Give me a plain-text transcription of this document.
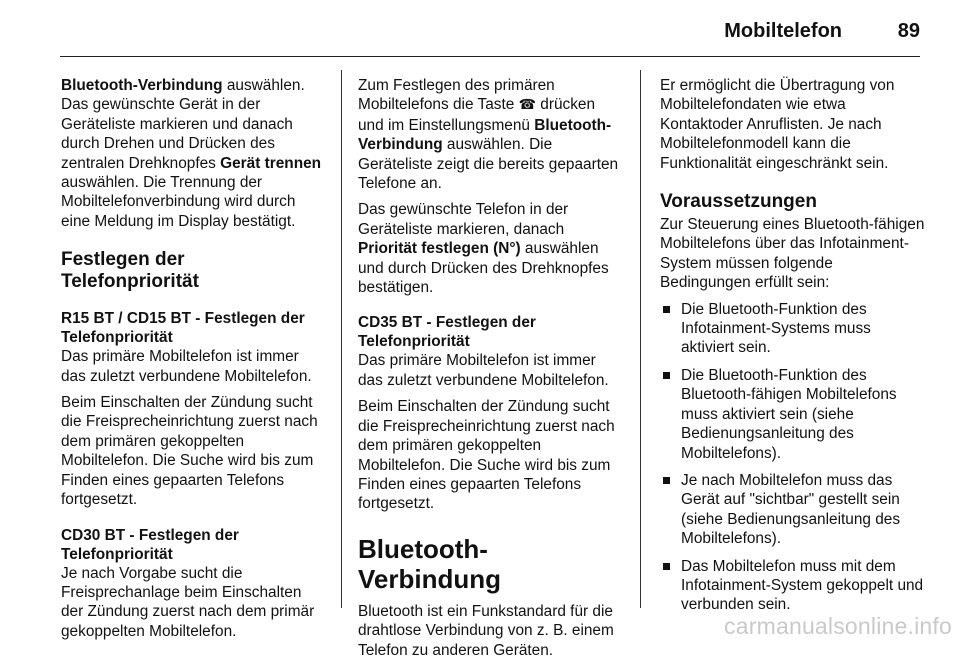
Mobiltelefon	89

Bluetooth-Verbindung auswählen. Das gewünschte Gerät in der Geräteliste markieren und danach durch Drehen und Drücken des zentralen Drehknopfes Gerät trennen auswählen. Die Trennung der Mobiltelefonverbindung wird durch eine Meldung im Display bestätigt.

Festlegen der Telefonpriorität
R15 BT / CD15 BT - Festlegen der Telefonpriorität

Das primäre Mobiltelefon ist immer das zuletzt verbundene Mobiltelefon.

Beim Einschalten der Zündung sucht die Freisprecheinrichtung zuerst nach dem primären gekoppelten Mobiltelefon. Die Suche wird bis zum Finden eines gepaarten Telefons fortgesetzt.

CD30 BT - Festlegen der Telefonpriorität

Je nach Vorgabe sucht die Freisprechanlage beim Einschalten der Zündung zuerst nach dem primär gekoppelten Mobiltelefon.

Zum Festlegen des primären Mobiltelefons die Taste ☎ drücken und im Einstellungsmenü Bluetooth-Verbindung auswählen. Die Geräteliste zeigt die bereits gepaarten Telefone an.

Das gewünschte Telefon in der Geräteliste markieren, danach Priorität festlegen (N°) auswählen und durch Drücken des Drehknopfes bestätigen.

CD35 BT - Festlegen der Telefonpriorität

Das primäre Mobiltelefon ist immer das zuletzt verbundene Mobiltelefon.

Beim Einschalten der Zündung sucht die Freisprecheinrichtung zuerst nach dem primären gekoppelten Mobiltelefon. Die Suche wird bis zum Finden eines gepaarten Telefons fortgesetzt.

Bluetooth-Verbindung

Bluetooth ist ein Funkstandard für die drahtlose Verbindung von z. B. einem Telefon zu anderen Geräten.

Er ermöglicht die Übertragung von Mobiltelefondaten wie etwa Kontaktoder Anruflisten. Je nach Mobiltelefonmodell kann die Funktionalität eingeschränkt sein.

Voraussetzungen

Zur Steuerung eines Bluetooth-fähigen Mobiltelefons über das Infotainment-System müssen folgende Bedingungen erfüllt sein:

Die Bluetooth-Funktion des Infotainment-Systems muss aktiviert sein.
Die Bluetooth-Funktion des Bluetooth-fähigen Mobiltelefons muss aktiviert sein (siehe Bedienungsanleitung des Mobiltelefons).
Je nach Mobiltelefon muss das Gerät auf "sichtbar" gestellt sein (siehe Bedienungsanleitung des Mobiltelefons).
Das Mobiltelefon muss mit dem Infotainment-System gekoppelt und verbunden sein.
carmanualsonline.info
